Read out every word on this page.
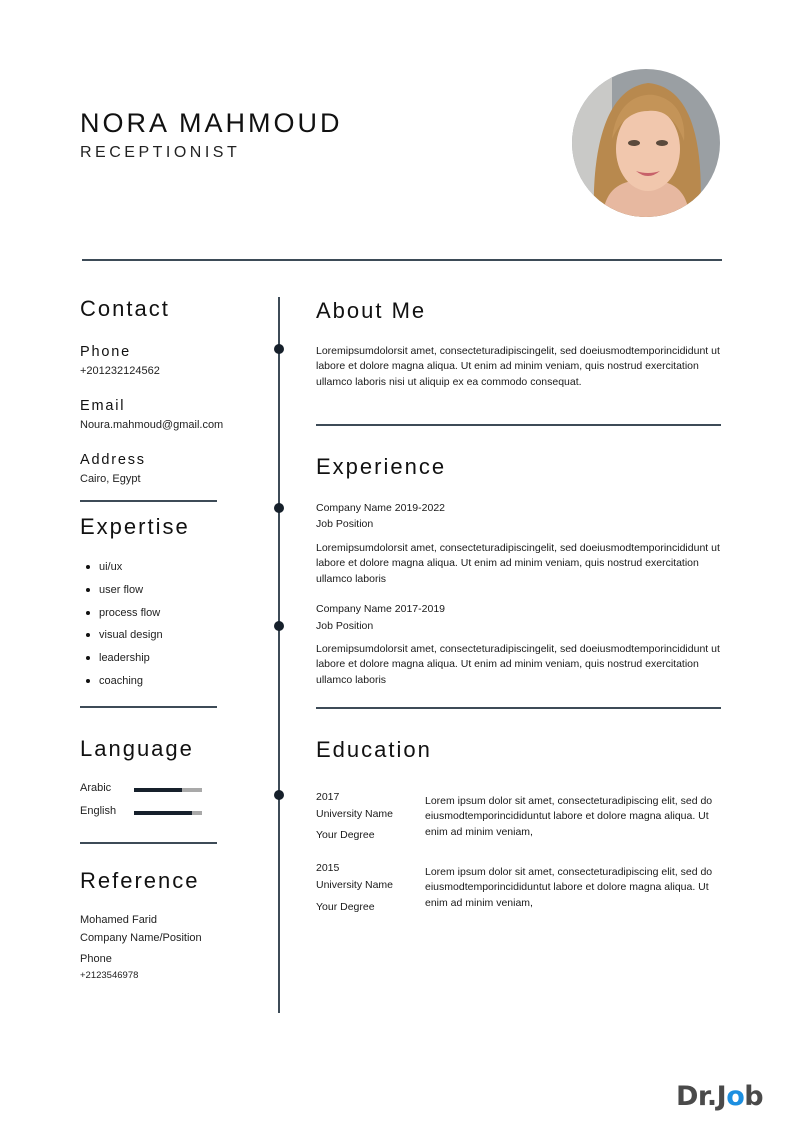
NORA MAHMOUD
RECEPTIONIST
Contact
Phone
+201232124562
Email
Noura.mahmoud@gmail.com
Address
Cairo, Egypt
Expertise
ui/ux
user flow
process flow
visual design
leadership
coaching
Language
Arabic
English
Reference
Mohamed Farid
Company Name/Position
Phone
+2123546978
About Me
Loremipsumdolorsit amet, consecteturadipiscingelit, sed doeiusmodtemporincididunt ut labore et dolore magna aliqua. Ut enim ad minim veniam, quis nostrud exercitation ullamco laboris nisi ut aliquip ex ea commodo consequat.
Experience
Company Name 2019-2022
Job Position
Loremipsumdolorsit amet, consecteturadipiscingelit, sed doeiusmodtemporincididunt ut labore et dolore magna aliqua. Ut enim ad minim veniam, quis nostrud exercitation ullamco laboris
Company Name 2017-2019
Job Position
Loremipsumdolorsit amet, consecteturadipiscingelit, sed doeiusmodtemporincididunt ut labore et dolore magna aliqua. Ut enim ad minim veniam, quis nostrud exercitation ullamco laboris
Education
2017
University Name
Your Degree
Lorem ipsum dolor sit amet, consecteturadipiscing elit, sed do eiusmodtemporincididuntut labore et dolore magna aliqua. Ut enim ad minim veniam,
2015
University Name
Your Degree
Lorem ipsum dolor sit amet, consecteturadipiscing elit, sed do eiusmodtemporincididuntut labore et dolore magna aliqua. Ut enim ad minim veniam,
Dr.Job
